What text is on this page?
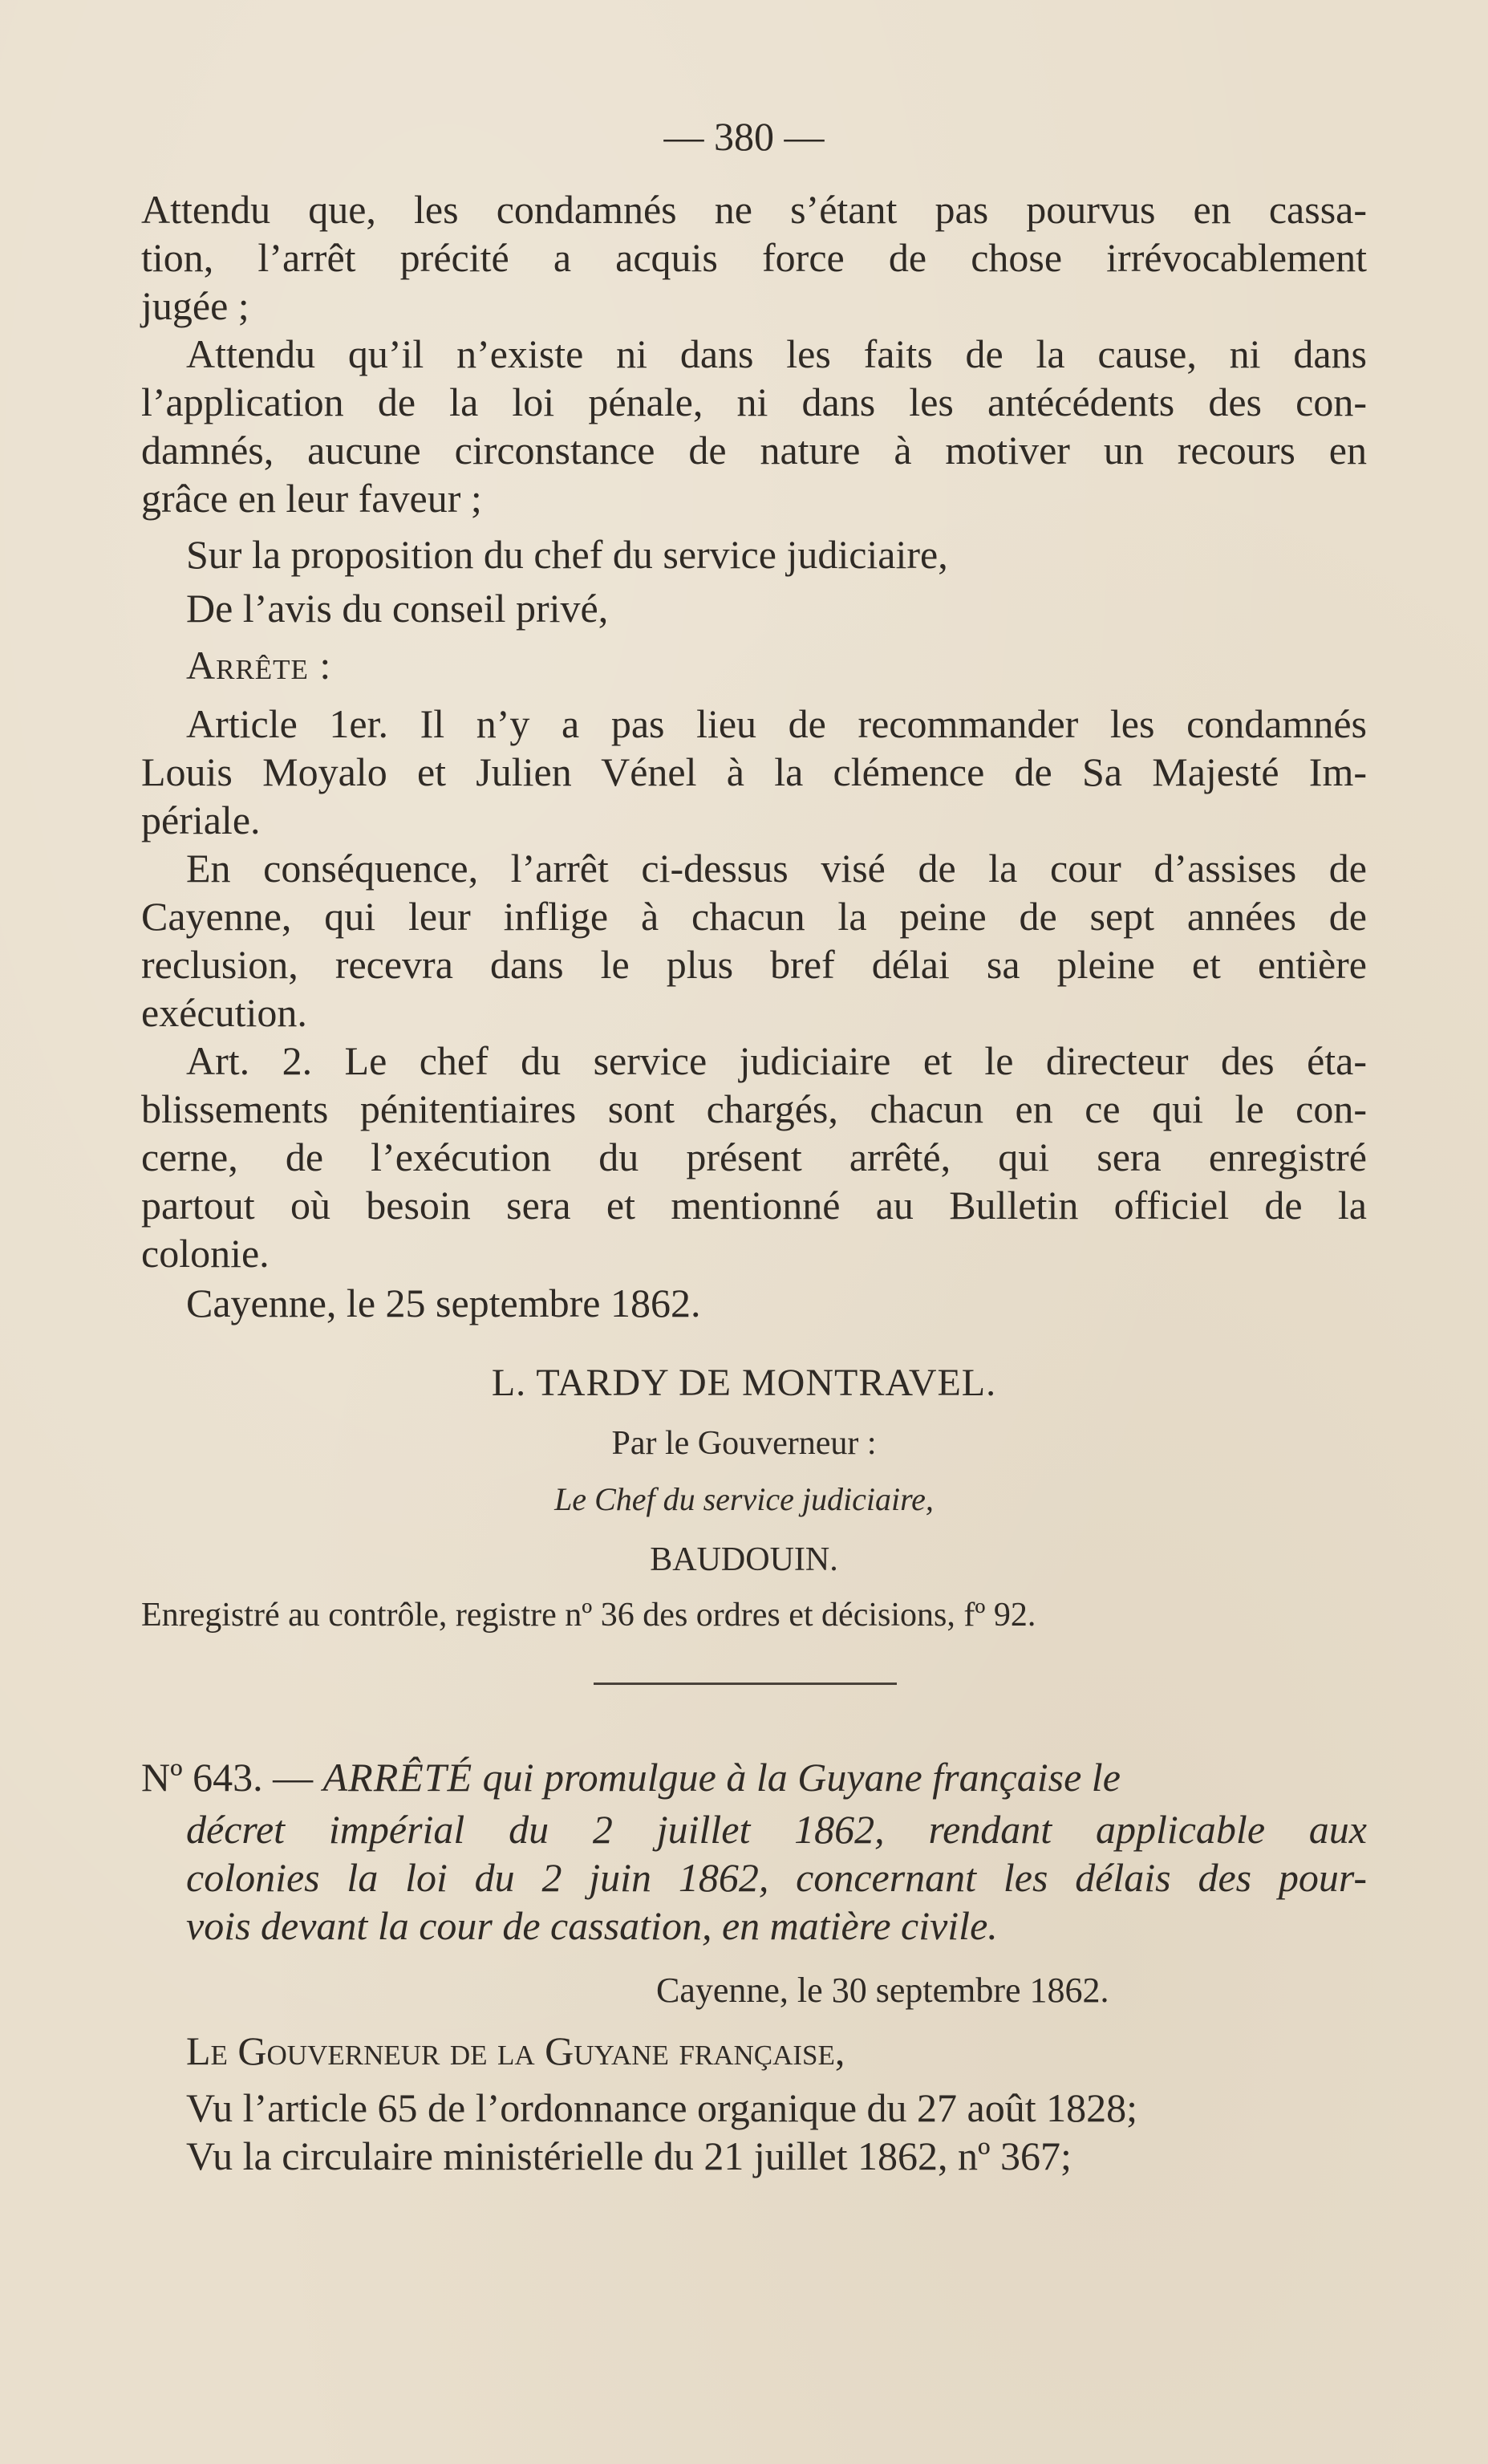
— 380 —
Attendu que, les condamnés ne s’étant pas pourvus en cassa-
tion, l’arrêt précité a acquis force de chose irrévocablement
jugée ;
Attendu qu’il n’existe ni dans les faits de la cause, ni dans
l’application de la loi pénale, ni dans les antécédents des con-
damnés, aucune circonstance de nature à motiver un recours en
grâce en leur faveur ;
Sur la proposition du chef du service judiciaire,
De l’avis du conseil privé,
Arrête :
Article 1er. Il n’y a pas lieu de recommander les condamnés
Louis Moyalo et Julien Vénel à la clémence de Sa Majesté Im-
périale.
En conséquence, l’arrêt ci-dessus visé de la cour d’assises de
Cayenne, qui leur inflige à chacun la peine de sept années de
reclusion, recevra dans le plus bref délai sa pleine et entière
exécution.
Art. 2. Le chef du service judiciaire et le directeur des éta-
blissements pénitentiaires sont chargés, chacun en ce qui le con-
cerne, de l’exécution du présent arrêté, qui sera enregistré
partout où besoin sera et mentionné au Bulletin officiel de la
colonie.
Cayenne, le 25 septembre 1862.
L. TARDY DE MONTRAVEL.
Par le Gouverneur :
Le Chef du service judiciaire,
BAUDOUIN.
Enregistré au contrôle, registre nº 36 des ordres et décisions, fº 92.
Nº 643. — ARRÊTÉ qui promulgue à la Guyane française le
décret impérial du 2 juillet 1862, rendant applicable aux
colonies la loi du 2 juin 1862, concernant les délais des pour-
vois devant la cour de cassation, en matière civile.
Cayenne, le 30 septembre 1862.
Le Gouverneur de la Guyane française,
Vu l’article 65 de l’ordonnance organique du 27 août 1828;
Vu la circulaire ministérielle du 21 juillet 1862, nº 367;
